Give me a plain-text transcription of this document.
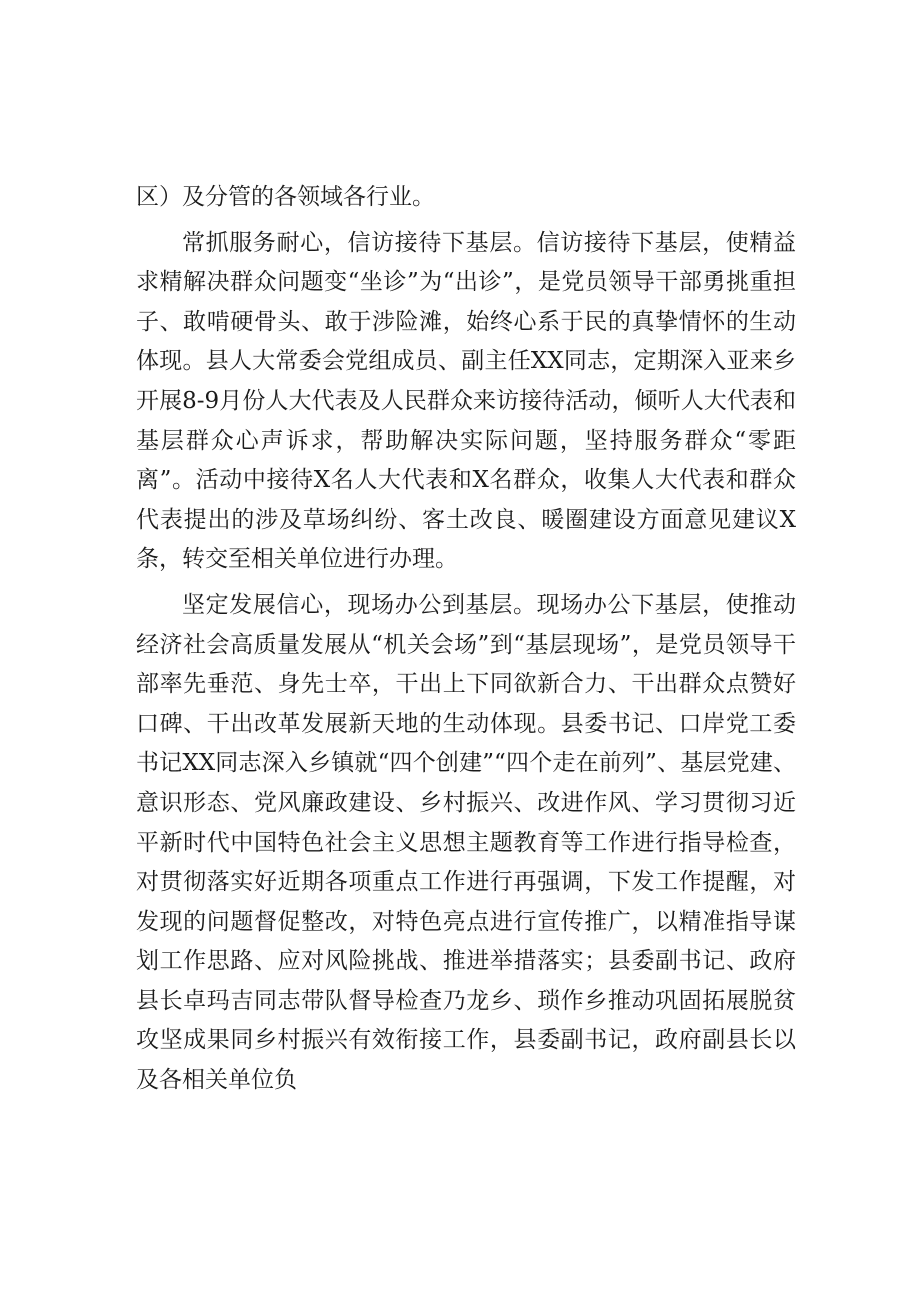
区）及分管的各领域各行业。

常抓服务耐心，信访接待下基层。信访接待下基层，使精益求精解决群众问题变“坐诊”为“出诊”，是党员领导干部勇挑重担子、敢啃硬骨头、敢于涉险滩，始终心系于民的真挚情怀的生动体现。县人大常委会党组成员、副主任XX同志，定期深入亚来乡开展8-9月份人大代表及人民群众来访接待活动，倾听人大代表和基层群众心声诉求，帮助解决实际问题，坚持服务群众“零距离”。活动中接待X名人大代表和X名群众，收集人大代表和群众代表提出的涉及草场纠纷、客土改良、暖圈建设方面意见建议X条，转交至相关单位进行办理。

坚定发展信心，现场办公到基层。现场办公下基层，使推动经济社会高质量发展从“机关会场”到“基层现场”，是党员领导干部率先垂范、身先士卒，干出上下同欲新合力、干出群众点赞好口碑、干出改革发展新天地的生动体现。县委书记、口岸党工委书记XX同志深入乡镇就“四个创建”“四个走在前列”、基层党建、意识形态、党风廉政建设、乡村振兴、改进作风、学习贯彻习近平新时代中国特色社会主义思想主题教育等工作进行指导检查，对贯彻落实好近期各项重点工作进行再强调，下发工作提醒，对发现的问题督促整改，对特色亮点进行宣传推广，以精准指导谋划工作思路、应对风险挑战、推进举措落实；县委副书记、政府县长卓玛吉同志带队督导检查乃龙乡、琐作乡推动巩固拓展脱贫攻坚成果同乡村振兴有效衔接工作，县委副书记，政府副县长以及各相关单位负
